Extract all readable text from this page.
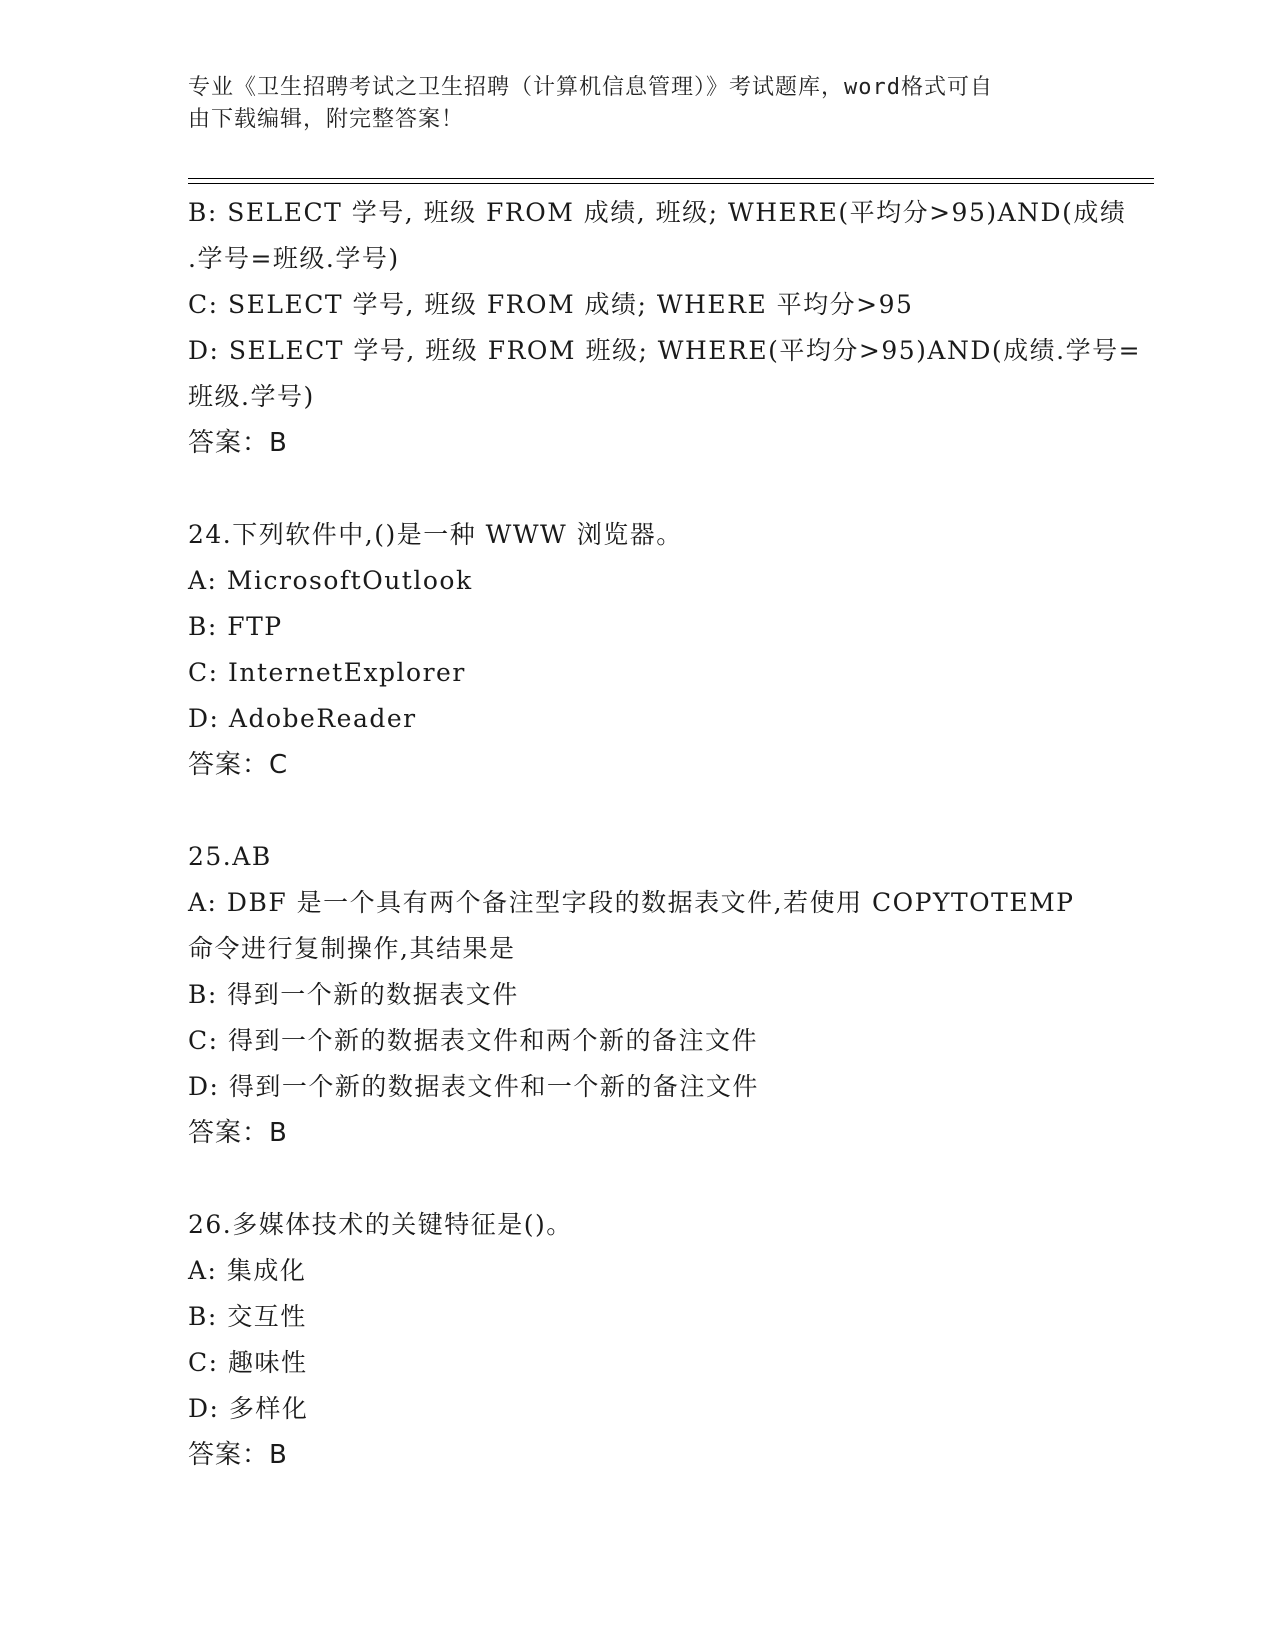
专业《卫生招聘考试之卫生招聘（计算机信息管理）》考试题库，word格式可自
由下载编辑，附完整答案！
B: SELECT 学号, 班级 FROM 成绩, 班级; WHERE(平均分>95)AND(成绩
.学号=班级.学号)
C: SELECT 学号, 班级 FROM 成绩; WHERE 平均分>95
D: SELECT 学号, 班级 FROM 班级; WHERE(平均分>95)AND(成绩.学号=
班级.学号)
答案：B
24.下列软件中,()是一种 WWW 浏览器。
A: MicrosoftOutlook
B: FTP
C: InternetExplorer
D: AdobeReader
答案：C
25.AB
A: DBF 是一个具有两个备注型字段的数据表文件,若使用 COPYTOTEMP
命令进行复制操作,其结果是
B: 得到一个新的数据表文件
C: 得到一个新的数据表文件和两个新的备注文件
D: 得到一个新的数据表文件和一个新的备注文件
答案：B
26.多媒体技术的关键特征是()。
A: 集成化
B: 交互性
C: 趣味性
D: 多样化
答案：B
